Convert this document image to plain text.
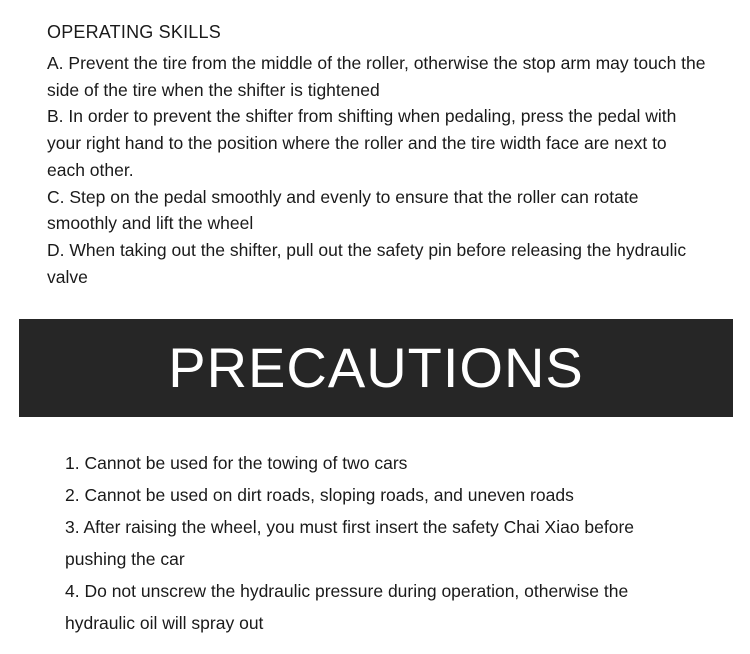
OPERATING SKILLS

A. Prevent the tire from the middle of the roller, otherwise the stop arm may touch the side of the tire when the shifter is tightened

B. In order to prevent the shifter from shifting when pedaling, press the pedal with your right hand to the position where the roller and the tire width face are next to each other.

C. Step on the pedal smoothly and evenly to ensure that the roller can rotate smoothly and lift the wheel

D. When taking out the shifter, pull out the safety pin before releasing the hydraulic valve

PRECAUTIONS

1. Cannot be used for the towing of two cars

2. Cannot be used on dirt roads, sloping roads, and uneven roads

3. After raising the wheel, you must first insert the safety Chai Xiao before pushing the car

4. Do not unscrew the hydraulic pressure during operation, otherwise the hydraulic oil will spray out
